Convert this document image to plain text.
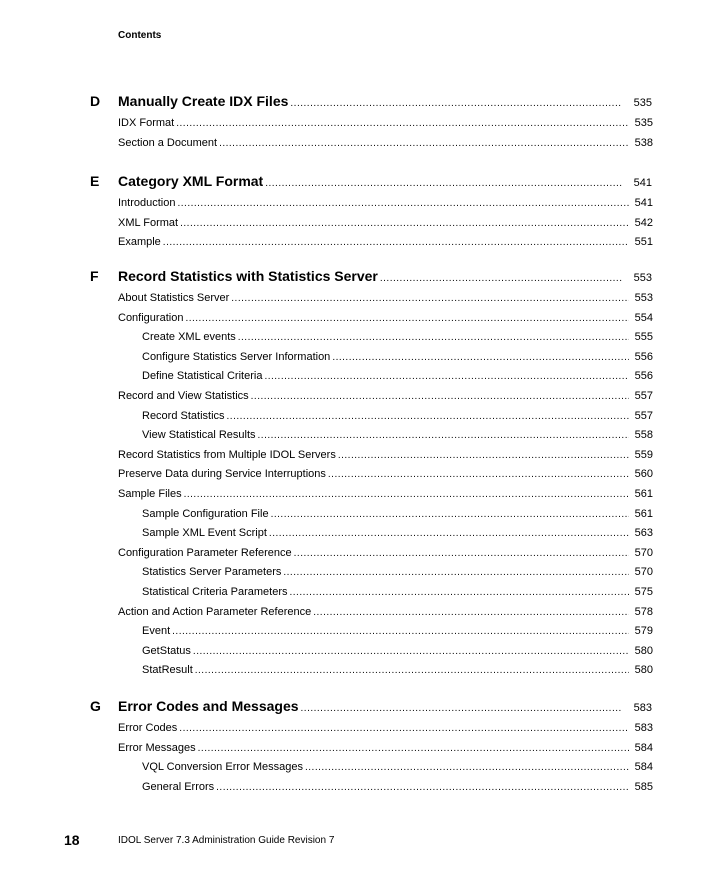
Contents
D	Manually Create IDX Files .....	535
IDX Format .....	535
Section a Document .....	538
E	Category XML Format .....	541
Introduction .....	541
XML Format .....	542
Example .....	551
F	Record Statistics with Statistics Server .....	553
About Statistics Server .....	553
Configuration .....	554
Create XML events .....	555
Configure Statistics Server Information .....	556
Define Statistical Criteria .....	556
Record and View Statistics .....	557
Record Statistics .....	557
View Statistical Results .....	558
Record Statistics from Multiple IDOL Servers .....	559
Preserve Data during Service Interruptions .....	560
Sample Files .....	561
Sample Configuration File .....	561
Sample XML Event Script .....	563
Configuration Parameter Reference .....	570
Statistics Server Parameters .....	570
Statistical Criteria Parameters .....	575
Action and Action Parameter Reference .....	578
Event .....	579
GetStatus .....	580
StatResult .....	580
G	Error Codes and Messages .....	583
Error Codes .....	583
Error Messages .....	584
VQL Conversion Error Messages .....	584
General Errors .....	585
18	IDOL Server 7.3 Administration Guide Revision 7
